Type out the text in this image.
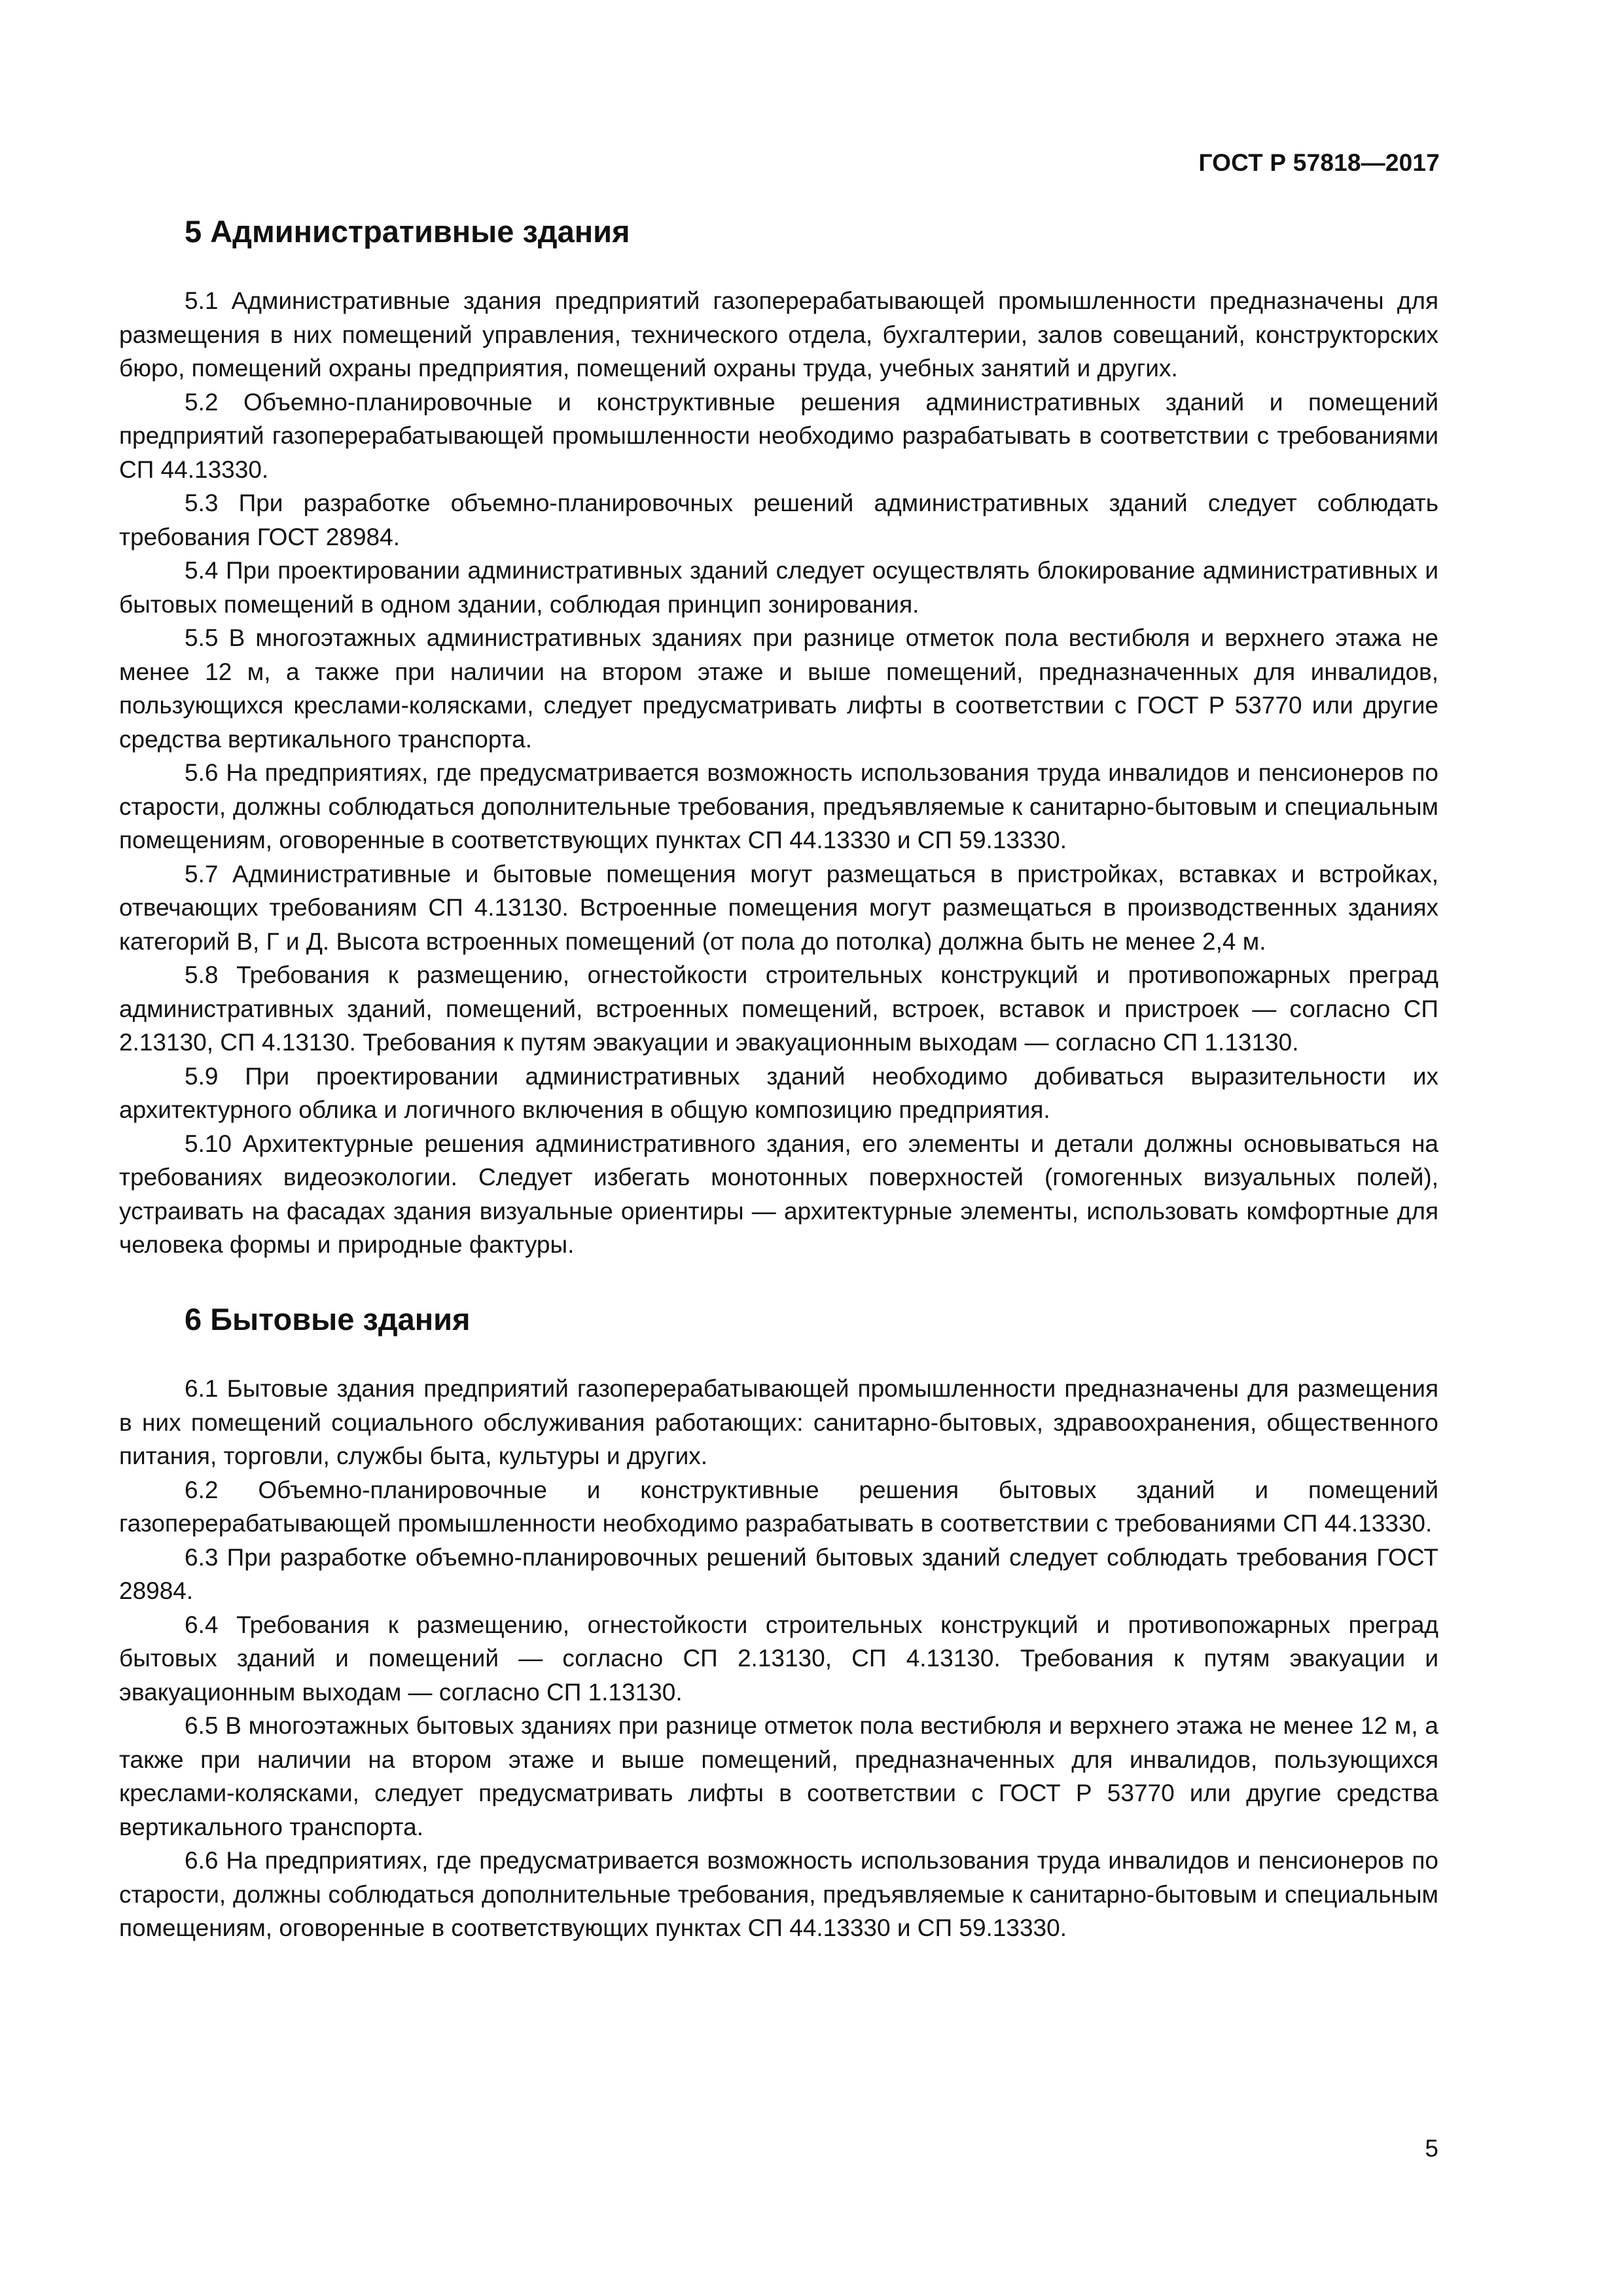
ГОСТ Р 57818—2017
5 Административные здания

5.1 Административные здания предприятий газоперерабатывающей промышленности предназначены для размещения в них помещений управления, технического отдела, бухгалтерии, залов совещаний, конструкторских бюро, помещений охраны предприятия, помещений охраны труда, учебных занятий и других.

5.2 Объемно-планировочные и конструктивные решения административных зданий и помещений предприятий газоперерабатывающей промышленности необходимо разрабатывать в соответствии с требованиями СП 44.13330.

5.3 При разработке объемно-планировочных решений административных зданий следует соблюдать требования ГОСТ 28984.

5.4 При проектировании административных зданий следует осуществлять блокирование административных и бытовых помещений в одном здании, соблюдая принцип зонирования.

5.5 В многоэтажных административных зданиях при разнице отметок пола вестибюля и верхнего этажа не менее 12 м, а также при наличии на втором этаже и выше помещений, предназначенных для инвалидов, пользующихся креслами-колясками, следует предусматривать лифты в соответствии с ГОСТ Р 53770 или другие средства вертикального транспорта.

5.6 На предприятиях, где предусматривается возможность использования труда инвалидов и пенсионеров по старости, должны соблюдаться дополнительные требования, предъявляемые к санитарно-бытовым и специальным помещениям, оговоренные в соответствующих пунктах СП 44.13330 и СП 59.13330.

5.7 Административные и бытовые помещения могут размещаться в пристройках, вставках и встройках, отвечающих требованиям СП 4.13130. Встроенные помещения могут размещаться в производственных зданиях категорий В, Г и Д. Высота встроенных помещений (от пола до потолка) должна быть не менее 2,4 м.

5.8 Требования к размещению, огнестойкости строительных конструкций и противопожарных преград административных зданий, помещений, встроенных помещений, встроек, вставок и пристроек — согласно СП 2.13130, СП 4.13130. Требования к путям эвакуации и эвакуационным выходам — согласно СП 1.13130.

5.9 При проектировании административных зданий необходимо добиваться выразительности их архитектурного облика и логичного включения в общую композицию предприятия.

5.10 Архитектурные решения административного здания, его элементы и детали должны основываться на требованиях видеоэкологии. Следует избегать монотонных поверхностей (гомогенных визуальных полей), устраивать на фасадах здания визуальные ориентиры — архитектурные элементы, использовать комфортные для человека формы и природные фактуры.

6 Бытовые здания

6.1 Бытовые здания предприятий газоперерабатывающей промышленности предназначены для размещения в них помещений социального обслуживания работающих: санитарно-бытовых, здравоохранения, общественного питания, торговли, службы быта, культуры и других.

6.2 Объемно-планировочные и конструктивные решения бытовых зданий и помещений газоперерабатывающей промышленности необходимо разрабатывать в соответствии с требованиями СП 44.13330.

6.3 При разработке объемно-планировочных решений бытовых зданий следует соблюдать требования ГОСТ 28984.

6.4 Требования к размещению, огнестойкости строительных конструкций и противопожарных преград бытовых зданий и помещений — согласно СП 2.13130, СП 4.13130. Требования к путям эвакуации и эвакуационным выходам — согласно СП 1.13130.

6.5 В многоэтажных бытовых зданиях при разнице отметок пола вестибюля и верхнего этажа не менее 12 м, а также при наличии на втором этаже и выше помещений, предназначенных для инвалидов, пользующихся креслами-колясками, следует предусматривать лифты в соответствии с ГОСТ Р 53770 или другие средства вертикального транспорта.

6.6 На предприятиях, где предусматривается возможность использования труда инвалидов и пенсионеров по старости, должны соблюдаться дополнительные требования, предъявляемые к санитарно-бытовым и специальным помещениям, оговоренные в соответствующих пунктах СП 44.13330 и СП 59.13330.

5
